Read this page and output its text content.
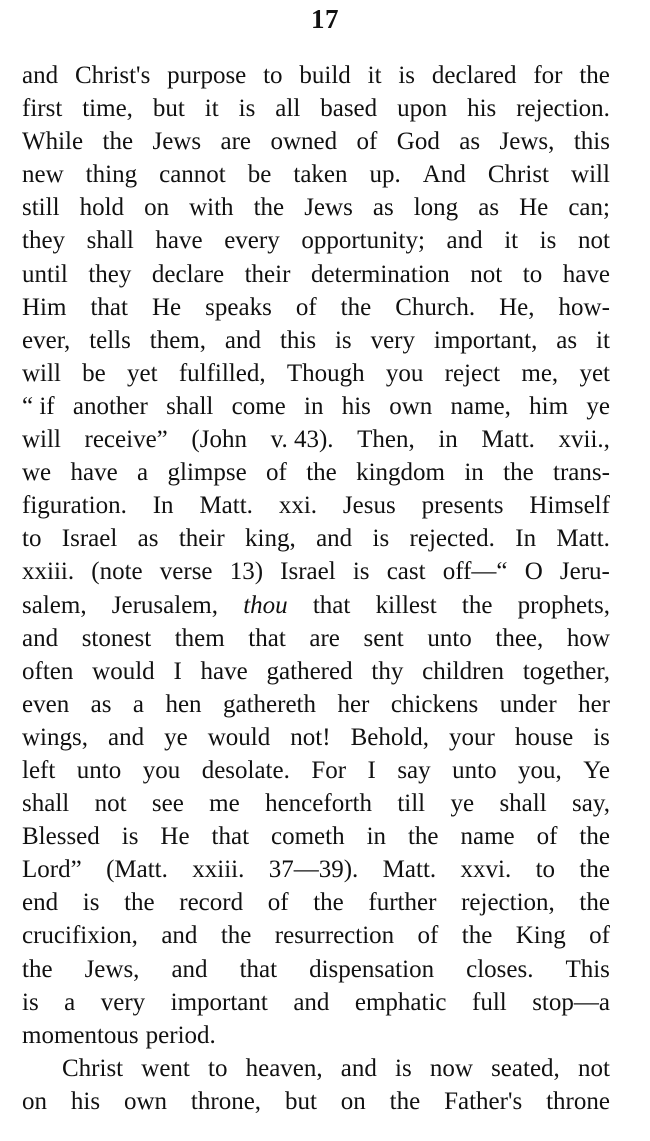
17
and Christ's purpose to build it is declared for the
first time, but it is all based upon his rejection.
While the Jews are owned of God as Jews, this
new thing cannot be taken up. And Christ will
still hold on with the Jews as long as He can;
they shall have every opportunity; and it is not
until they declare their determination not to have
Him that He speaks of the Church. He, how-
ever, tells them, and this is very important, as it
will be yet fulfilled, Though you reject me, yet
“ if another shall come in his own name, him ye
will receive” (John v. 43). Then, in Matt. xvii.,
we have a glimpse of the kingdom in the trans-
figuration. In Matt. xxi. Jesus presents Himself
to Israel as their king, and is rejected. In Matt.
xxiii. (note verse 13) Israel is cast off—“ O Jeru-
salem, Jerusalem, thou that killest the prophets,
and stonest them that are sent unto thee, how
often would I have gathered thy children together,
even as a hen gathereth her chickens under her
wings, and ye would not! Behold, your house is
left unto you desolate. For I say unto you, Ye
shall not see me henceforth till ye shall say,
Blessed is He that cometh in the name of the
Lord” (Matt. xxiii. 37—39). Matt. xxvi. to the
end is the record of the further rejection, the
crucifixion, and the resurrection of the King of
the Jews, and that dispensation closes. This
is a very important and emphatic full stop—a
momentous period.
Christ went to heaven, and is now seated, not
on his own throne, but on the Father's throne
